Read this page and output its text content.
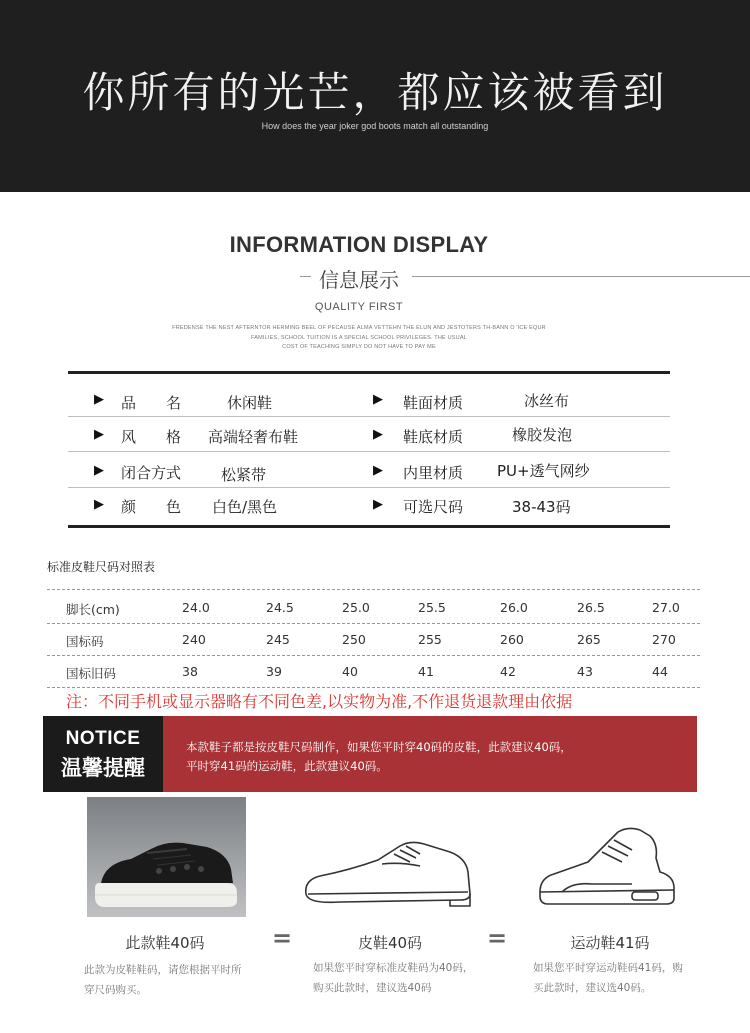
你所有的光芒，都应该被看到
How does the year joker god boots match all outstanding
INFORMATION DISPLAY
信息展示
QUALITY FIRST
FREDENSE THE NEST AFTERNTOR HERMING BEEL OF PECAUSE ALMA VETTEHN THE ELUN AND JESTOTERS TH-BANN O 'ICE EQUR
FAMILIES, SCHOOL TUITION IS A SPECIAL SCHOOL PRIVILEGES. THE USUAL
COST OF TEACHING SIMPLY DO NOT HAVE TO PAY ME
▶ 品　　名	休闲鞋	▶ 鞋面材质	冰丝布
▶ 风　　格 高端轻奢布鞋	▶ 鞋底材质	橡胶发泡
▶ 闭合方式	松紧带	▶ 内里材质 PU+透气网纱
▶ 颜　　色 白色/黑色	▶ 可选尺码	38-43码
标准皮鞋尺码对照表
脚长(cm)	24.0	24.5	25.0	25.5	26.0	26.5	27.0
国标码	240	245	250	255	260	265	270
国标旧码	38	39	40	41	42	43	44
注：不同手机或显示器略有不同色差,以实物为准,不作退货退款理由依据
NOTICE
温馨提醒
本款鞋子都是按皮鞋尺码制作，如果您平时穿40码的皮鞋，此款建议40码，
平时穿41码的运动鞋，此款建议40码。
=	=
此款鞋40码	皮鞋40码	运动鞋41码
此款为皮鞋鞋码，请您根据平时所
穿尺码购买。
如果您平时穿标准皮鞋码为40码，
购买此款时，建议选40码
如果您平时穿运动鞋码41码，购
买此款时，建议选40码。
